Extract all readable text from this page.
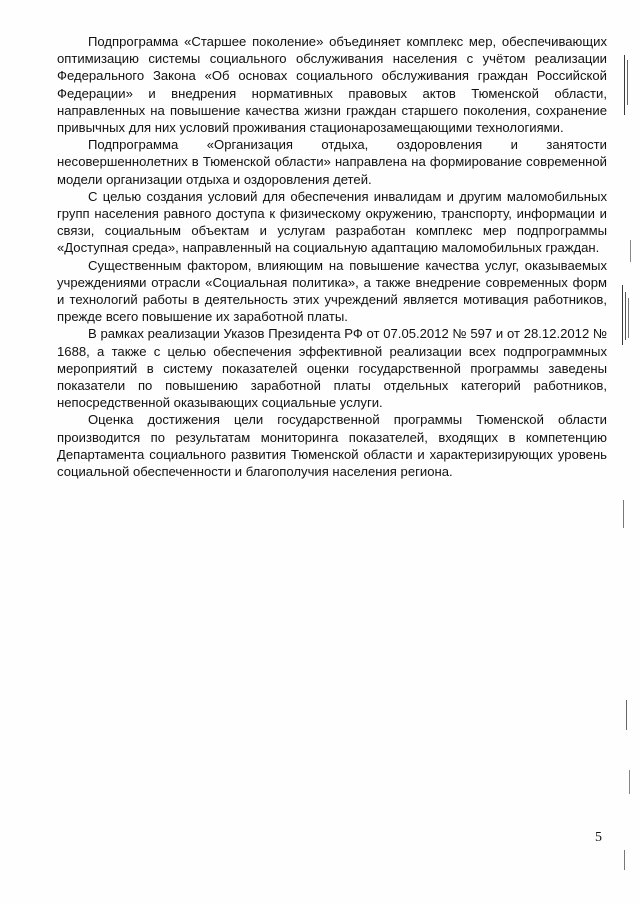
Подпрограмма «Старшее поколение» объединяет комплекс мер, обеспечивающих оптимизацию системы социального обслуживания населения с учётом реализации Федерального Закона «Об основах социального обслуживания граждан Российской Федерации» и внедрения нормативных правовых актов Тюменской области, направленных на повышение качества жизни граждан старшего поколения, сохранение привычных для них условий проживания стационарозамещающими технологиями.

Подпрограмма «Организация отдыха, оздоровления и занятости несовершеннолетних в Тюменской области» направлена на формирование современной модели организации отдыха и оздоровления детей.

С целью создания условий для обеспечения инвалидам и другим маломобильных групп населения равного доступа к физическому окружению, транспорту, информации и связи, социальным объектам и услугам разработан комплекс мер подпрограммы «Доступная среда», направленный на социальную адаптацию маломобильных граждан.

Существенным фактором, влияющим на повышение качества услуг, оказываемых учреждениями отрасли «Социальная политика», а также внедрение современных форм и технологий работы в деятельность этих учреждений является мотивация работников, прежде всего повышение их заработной платы.

В рамках реализации Указов Президента РФ от 07.05.2012 № 597 и от 28.12.2012 № 1688, а также с целью обеспечения эффективной реализации всех подпрограммных мероприятий в систему показателей оценки государственной программы заведены показатели по повышению заработной платы отдельных категорий работников, непосредственной оказывающих социальные услуги.

Оценка достижения цели государственной программы Тюменской области производится по результатам мониторинга показателей, входящих в компетенцию Департамента социального развития Тюменской области и характеризирующих уровень социальной обеспеченности и благополучия населения региона.

5
